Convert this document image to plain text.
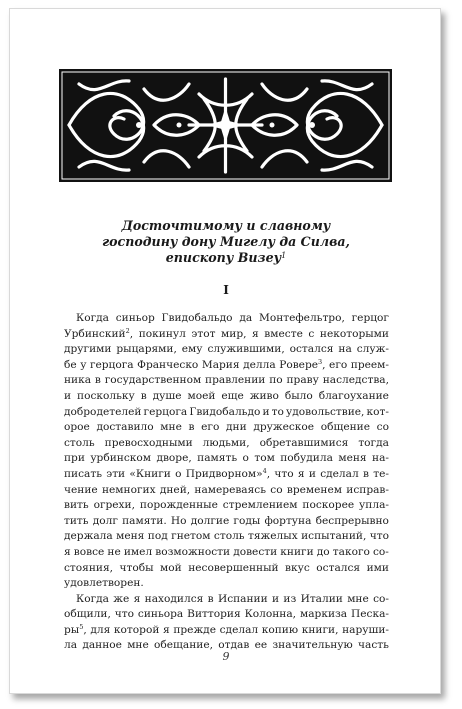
Досточтимому и славному
господину дону Мигелу да Силва,
епископу Визеу$^1$
I
Когда синьор Гвидобальдо да Монтефельтро, герцог
Урбинский$^2$, покинул этот мир, я вместе с некоторыми
другими рыцарями, ему служившими, остался на служ-
бе у герцога Франческо Мария делла Ровере$^3$, его преем-
ника в государственном правлении по праву наследства,
и поскольку в душе моей еще живо было благоухание
добродетелей герцога Гвидобальдо и то удовольствие, кот-
орое доставило мне в его дни дружеское общение со
столь превосходными людьми, обретавшимися тогда
при урбинском дворе, память о том побудила меня на-
писать эти «Книги о Придворном»$^4$, что я и сделал в те-
чение немногих дней, намереваясь со временем исправ-
вить огрехи, порожденные стремлением поскорее упла-
тить долг памяти. Но долгие годы фортуна беспрерывно
держала меня под гнетом столь тяжелых испытаний, что
я вовсе не имел возможности довести книги до такого со-
стояния, чтобы мой несовершенный вкус остался ими
удовлетворен.
Когда же я находился в Испании и из Италии мне со-
общили, что синьора Виттория Колонна, маркиза Песка-
$ры^5$, для которой я прежде сделал копию книги, наруши-
ла данное мне обещание, отдав ее значительную часть
9
